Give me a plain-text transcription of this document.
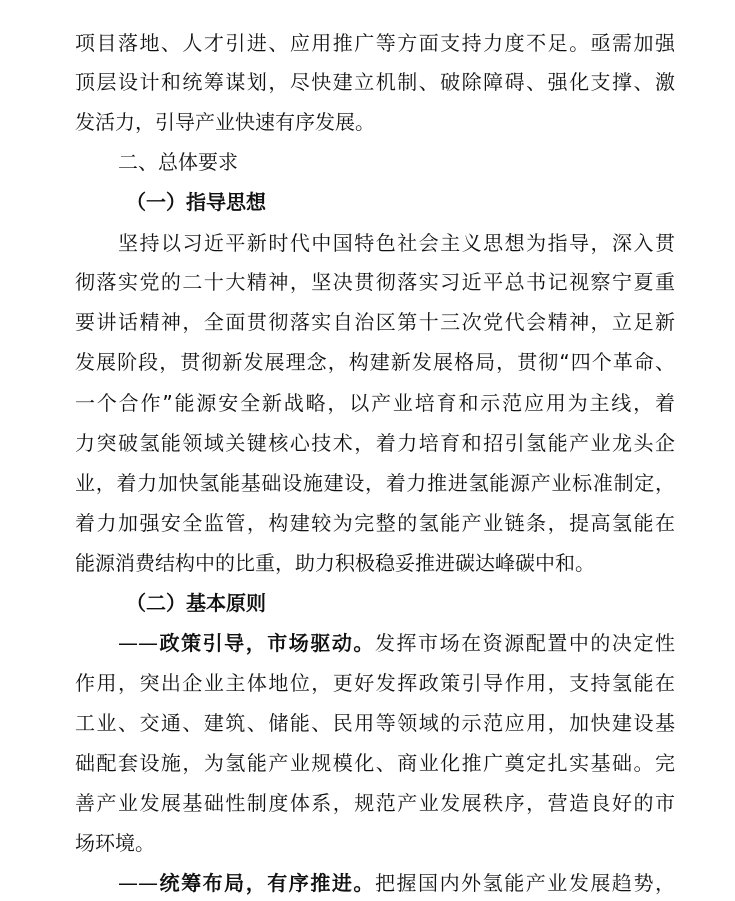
项目落地、人才引进、应用推广等方面支持力度不足。亟需加强
顶层设计和统筹谋划，尽快建立机制、破除障碍、强化支撑、激
发活力，引导产业快速有序发展。
二、总体要求
（一）指导思想
坚持以习近平新时代中国特色社会主义思想为指导，深入贯
彻落实党的二十大精神，坚决贯彻落实习近平总书记视察宁夏重
要讲话精神，全面贯彻落实自治区第十三次党代会精神，立足新
发展阶段，贯彻新发展理念，构建新发展格局，贯彻“四个革命、
一个合作”能源安全新战略，以产业培育和示范应用为主线，着
力突破氢能领域关键核心技术，着力培育和招引氢能产业龙头企
业，着力加快氢能基础设施建设，着力推进氢能源产业标准制定，
着力加强安全监管，构建较为完整的氢能产业链条，提高氢能在
能源消费结构中的比重，助力积极稳妥推进碳达峰碳中和。
（二）基本原则
——政策引导，市场驱动。发挥市场在资源配置中的决定性
作用，突出企业主体地位，更好发挥政策引导作用，支持氢能在
工业、交通、建筑、储能、民用等领域的示范应用，加快建设基
础配套设施，为氢能产业规模化、商业化推广奠定扎实基础。完
善产业发展基础性制度体系，规范产业发展秩序，营造良好的市
场环境。
——统筹布局，有序推进。把握国内外氢能产业发展趋势，
